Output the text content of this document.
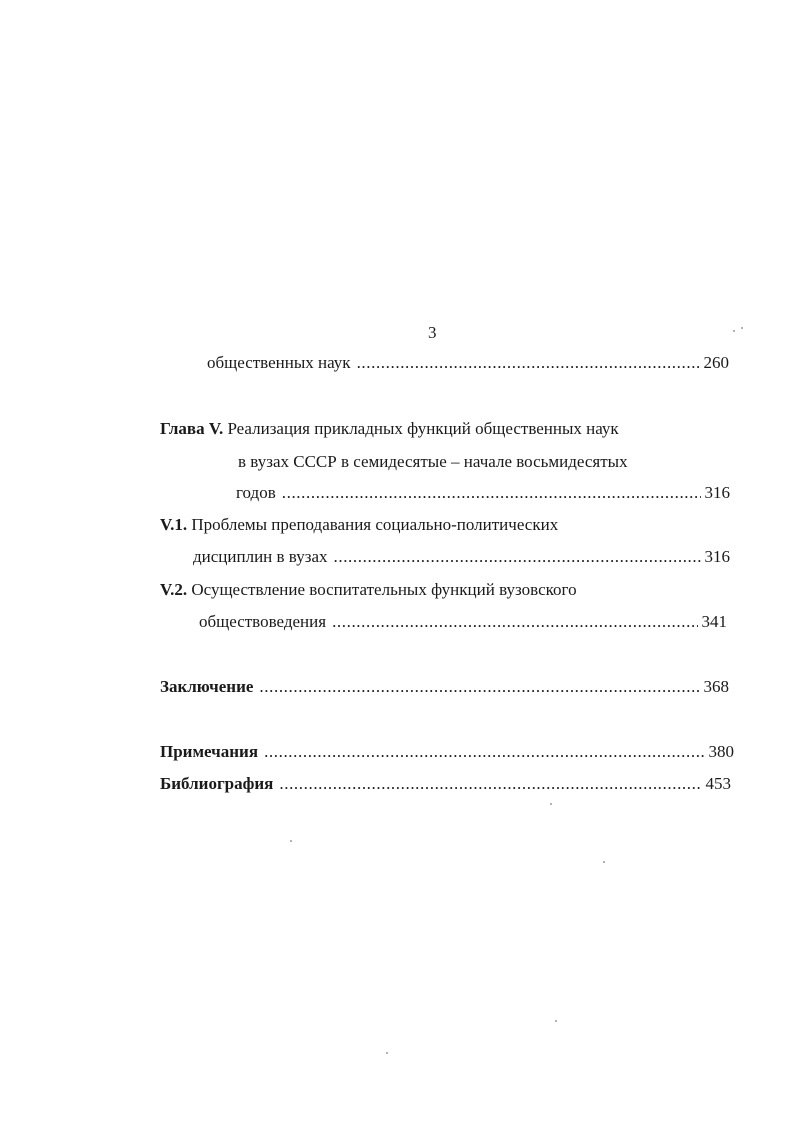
3
общественных наук .....	260
Глава V. Реализация прикладных функций общественных наук
в вузах СССР в семидесятые – начале восьмидесятых
годов .....	316
V.1. Проблемы преподавания социально-политических
дисциплин в вузах .....	316
V.2. Осуществление воспитательных функций вузовского
обществоведения .....	341
Заключение .....	368
Примечания .....	380
Библиография .....	453
